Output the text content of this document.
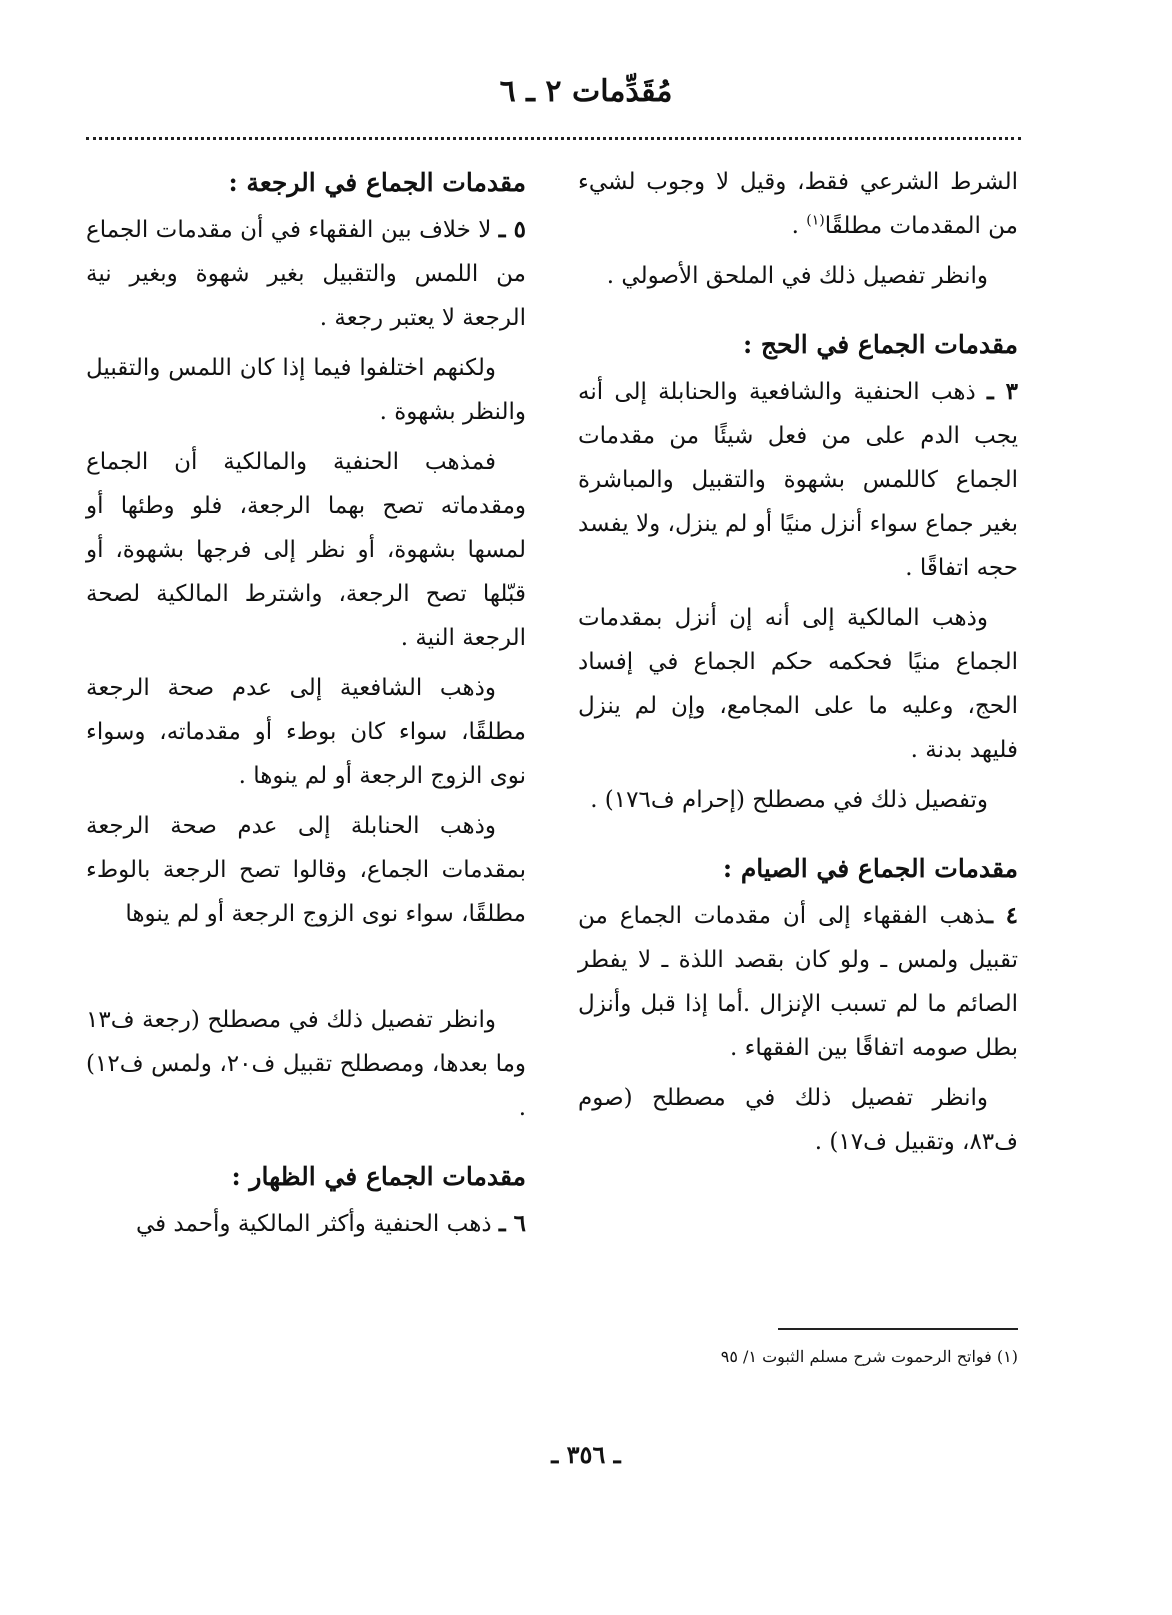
مُقَدِّمات ٢ ـ ٦

الشرط الشرعي فقط، وقيل لا وجوب لشيء من المقدمات مطلقًا$^{(١)}$ .

وانظر تفصيل ذلك في الملحق الأصولي .

مقدمات الجماع في الحج :

٣ ـ ذهب الحنفية والشافعية والحنابلة إلى أنه يجب الدم على من فعل شيئًا من مقدمات الجماع كاللمس بشهوة والتقبيل والمباشرة بغير جماع سواء أنزل منيًا أو لم ينزل، ولا يفسد حجه اتفاقًا .

وذهب المالكية إلى أنه إن أنزل بمقدمات الجماع منيًا فحكمه حكم الجماع في إفساد الحج، وعليه ما على المجامع، وإن لم ينزل فليهد بدنة .

وتفصيل ذلك في مصطلح (إحرام ف١٧٦) .

مقدمات الجماع في الصيام :

٤ ـذهب الفقهاء إلى أن مقدمات الجماع من تقبيل ولمس ـ ولو كان بقصد اللذة ـ لا يفطر الصائم ما لم تسبب الإنزال .أما إذا قبل وأنزل بطل صومه اتفاقًا بين الفقهاء .

وانظر تفصيل ذلك في مصطلح (صوم ف٨٣، وتقبيل ف١٧) .

مقدمات الجماع في الرجعة :

٥ ـ لا خلاف بين الفقهاء في أن مقدمات الجماع من اللمس والتقبيل بغير شهوة وبغير نية الرجعة لا يعتبر رجعة .

ولكنهم اختلفوا فيما إذا كان اللمس والتقبيل والنظر بشهوة .

فمذهب الحنفية والمالكية أن الجماع ومقدماته تصح بهما الرجعة، فلو وطئها أو لمسها بشهوة، أو نظر إلى فرجها بشهوة، أو قبّلها تصح الرجعة، واشترط المالكية لصحة الرجعة النية .

وذهب الشافعية إلى عدم صحة الرجعة مطلقًا، سواء كان بوطء أو مقدماته، وسواء نوى الزوج الرجعة أو لم ينوها .

وذهب الحنابلة إلى عدم صحة الرجعة بمقدمات الجماع، وقالوا تصح الرجعة بالوطء مطلقًا، سواء نوى الزوج الرجعة أو لم ينوها

وانظر تفصيل ذلك في مصطلح (رجعة ف١٣ وما بعدها، ومصطلح تقبيل ف٢٠، ولمس ف١٢) .

مقدمات الجماع في الظهار :

٦ ـ ذهب الحنفية وأكثر المالكية وأحمد في

(١) فواتح الرحموت شرح مسلم الثبوت ١/ ٩٥
ـ ٣٥٦ ـ
